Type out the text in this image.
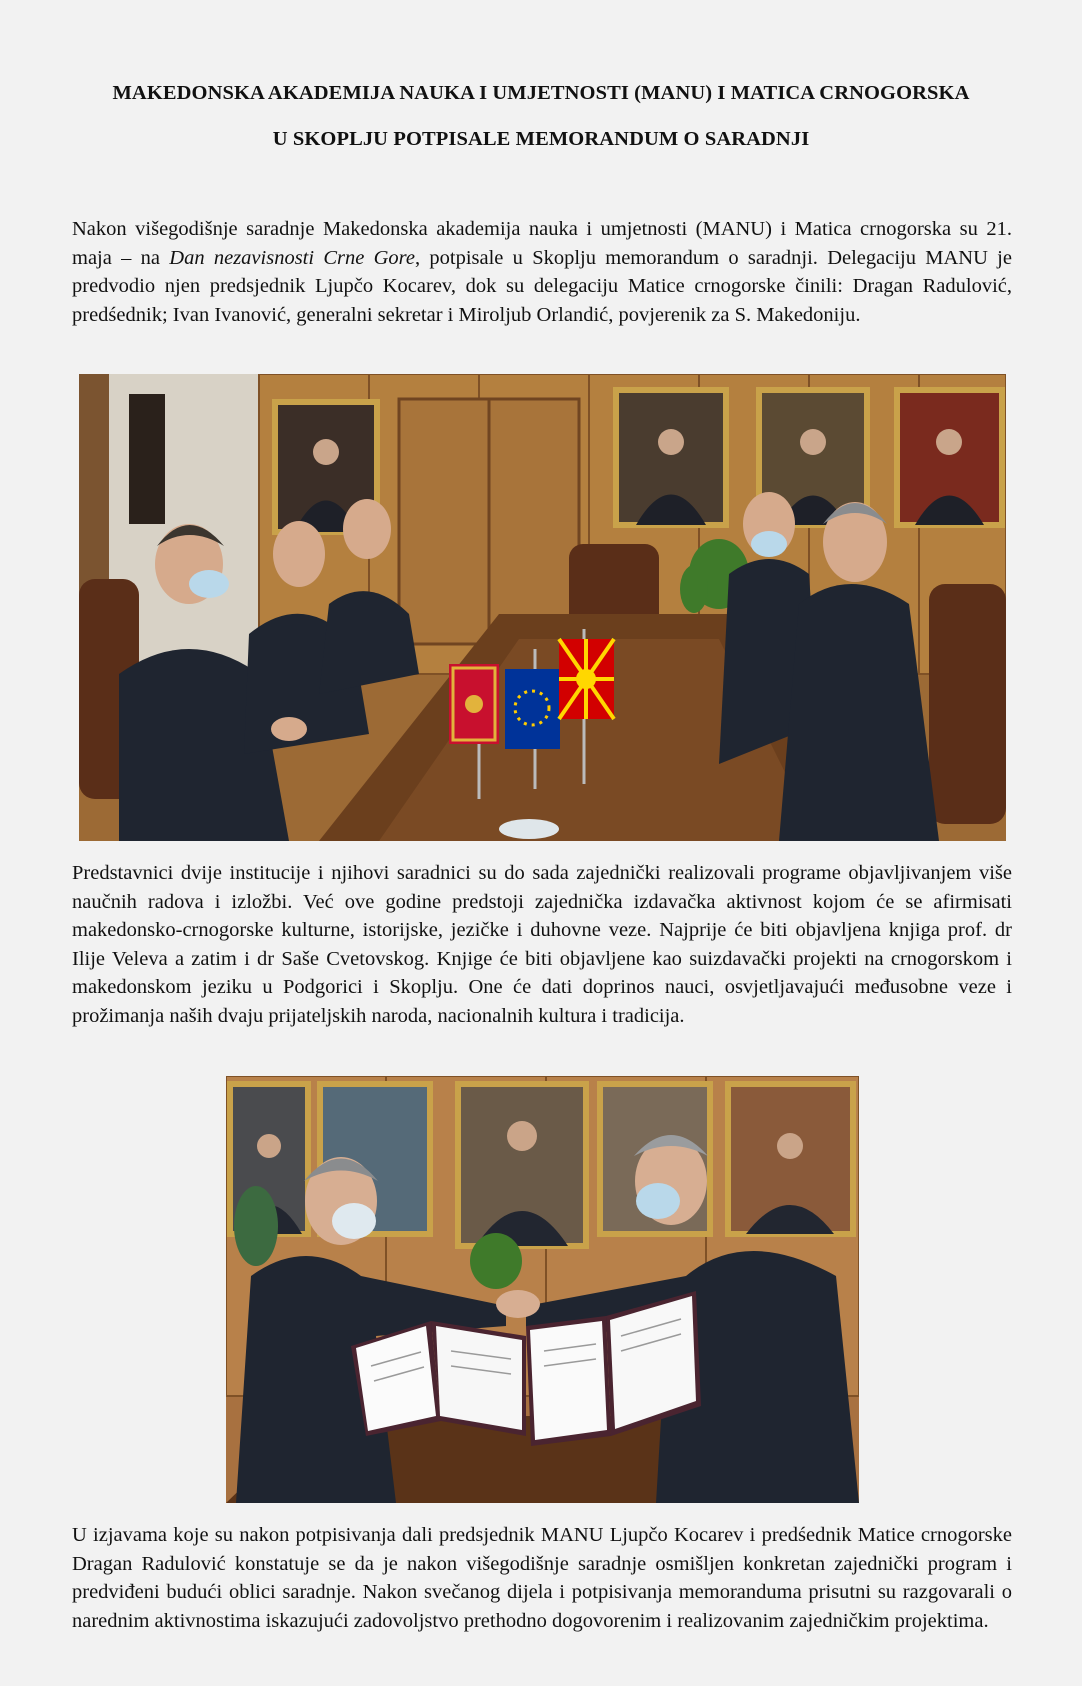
MAKEDONSKA AKADEMIJA NAUKA I UMJETNOSTI (MANU) I MATICA CRNOGORSKA
U SKOPLJU POTPISALE MEMORANDUM O SARADNJI

Nakon višegodišnje saradnje Makedonska akademija nauka i umjetnosti (MANU) i Matica crnogorska su 21. maja – na Dan nezavisnosti Crne Gore, potpisale u Skoplju memorandum o saradnji. Delegaciju MANU je predvodio njen predsjednik Ljupčo Kocarev, dok su delegaciju Matice crnogorske činili: Dragan Radulović, predśednik; Ivan Ivanović, generalni sekretar i Miroljub Orlandić, povjerenik za S. Makedoniju.

Predstavnici dvije institucije i njihovi saradnici su do sada zajednički realizovali programe objavljivanjem više naučnih radova i izložbi. Već ove godine predstoji zajednička izdavačka aktivnost kojom će se afirmisati makedonsko-crnogorske kulturne, istorijske, jezičke i duhovne veze. Najprije će biti objavljena knjiga prof. dr Ilije Veleva a zatim i dr Saše Cvetovskog. Knjige će biti objavljene kao suizdavački projekti na crnogorskom i makedonskom jeziku u Podgorici i Skoplju. One će dati doprinos nauci, osvjetljavajući međusobne veze i prožimanja naših dvaju prijateljskih naroda, nacionalnih kultura i tradicija.

U izjavama koje su nakon potpisivanja dali predsjednik MANU Ljupčo Kocarev i predśednik Matice crnogorske Dragan Radulović konstatuje se da je nakon višegodišnje saradnje osmišljen konkretan zajednički program i predviđeni budući oblici saradnje. Nakon svečanog dijela i potpisivanja memoranduma prisutni su razgovarali o narednim aktivnostima iskazujući zadovoljstvo prethodno dogovorenim i realizovanim zajedničkim projektima.
